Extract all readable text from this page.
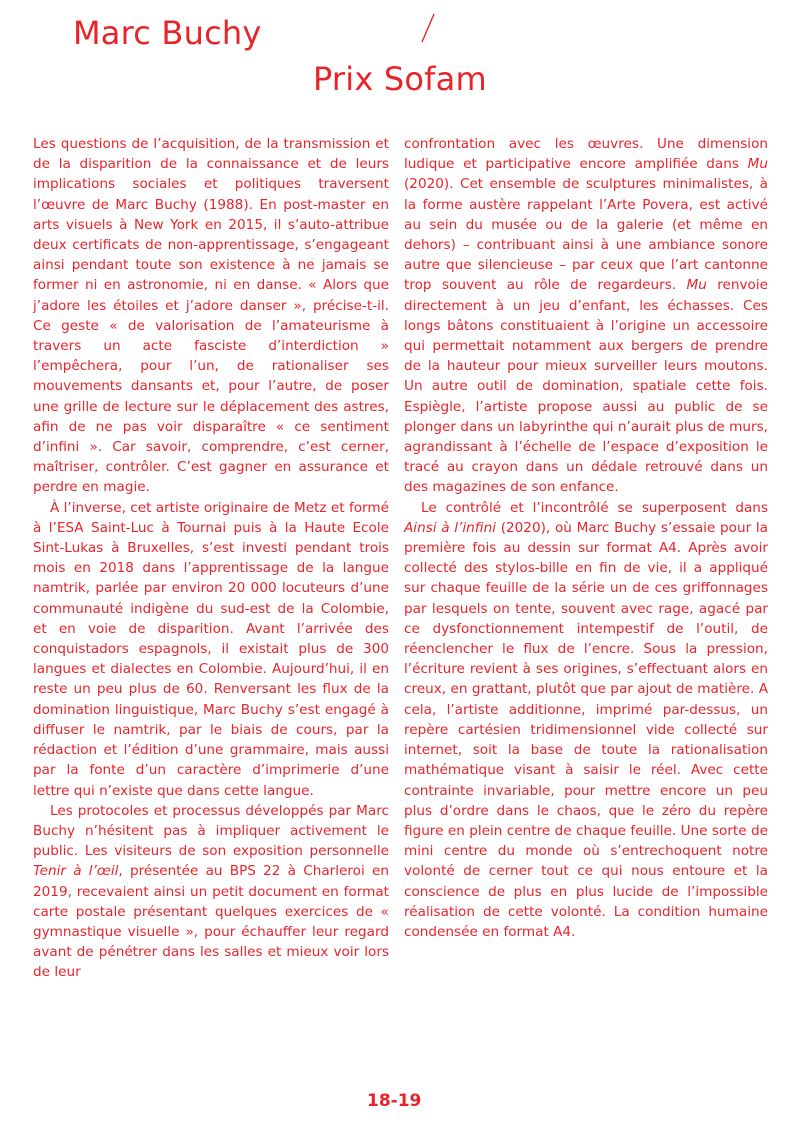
Marc Buchy
Prix Sofam

Les questions de l’acquisition, de la transmission et de la disparition de la connaissance et de leurs implications sociales et politiques traversent l’œuvre de Marc Buchy (1988). En post-master en arts visuels à New York en 2015, il s’auto-attribue deux certificats de non-apprentissage, s’engageant ainsi pendant toute son existence à ne jamais se former ni en astronomie, ni en danse. « Alors que j’adore les étoiles et j’adore danser », précise-t-il. Ce geste « de valorisation de l’amateurisme à travers un acte fasciste d’interdiction » l’empêchera, pour l’un, de rationaliser ses mouvements dansants et, pour l’autre, de poser une grille de lecture sur le déplacement des astres, afin de ne pas voir disparaître « ce sentiment d’infini ». Car savoir, comprendre, c’est cerner, maîtriser, contrôler. C’est gagner en assurance et perdre en magie.

À l’inverse, cet artiste originaire de Metz et formé à l’ESA Saint-Luc à Tournai puis à la Haute Ecole Sint-Lukas à Bruxelles, s’est investi pendant trois mois en 2018 dans l’apprentissage de la langue namtrik, parlée par environ 20 000 locuteurs d’une communauté indigène du sud-est de la Colombie, et en voie de disparition. Avant l’arrivée des conquistadors espagnols, il existait plus de 300 langues et dialectes en Colombie. Aujourd’hui, il en reste un peu plus de 60. Renversant les flux de la domination linguistique, Marc Buchy s’est engagé à diffuser le namtrik, par le biais de cours, par la rédaction et l’édition d’une grammaire, mais aussi par la fonte d’un caractère d’imprimerie d’une lettre qui n’existe que dans cette langue.

Les protocoles et processus développés par Marc Buchy n’hésitent pas à impliquer activement le public. Les visiteurs de son exposition personnelle Tenir à l’œil, présentée au BPS 22 à Charleroi en 2019, recevaient ainsi un petit document en format carte postale présentant quelques exercices de « gymnastique visuelle », pour échauffer leur regard avant de pénétrer dans les salles et mieux voir lors de leur

confrontation avec les œuvres. Une dimension ludique et participative encore amplifiée dans Mu (2020). Cet ensemble de sculptures minimalistes, à la forme austère rappelant l’Arte Povera, est activé au sein du musée ou de la galerie (et même en dehors) – contribuant ainsi à une ambiance sonore autre que silencieuse – par ceux que l’art cantonne trop souvent au rôle de regardeurs. Mu renvoie directement à un jeu d’enfant, les échasses. Ces longs bâtons constituaient à l’origine un accessoire qui permettait notamment aux bergers de prendre de la hauteur pour mieux surveiller leurs moutons. Un autre outil de domination, spatiale cette fois. Espiègle, l’artiste propose aussi au public de se plonger dans un labyrinthe qui n’aurait plus de murs, agrandissant à l’échelle de l’espace d’exposition le tracé au crayon dans un dédale retrouvé dans un des magazines de son enfance.

Le contrôlé et l’incontrôlé se superposent dans Ainsi à l’infini (2020), où Marc Buchy s’essaie pour la première fois au dessin sur format A4. Après avoir collecté des stylos-bille en fin de vie, il a appliqué sur chaque feuille de la série un de ces griffonnages par lesquels on tente, souvent avec rage, agacé par ce dysfonctionnement intempestif de l’outil, de réenclencher le flux de l’encre. Sous la pression, l’écriture revient à ses origines, s’effectuant alors en creux, en grattant, plutôt que par ajout de matière. A cela, l’artiste additionne, imprimé par-dessus, un repère cartésien tridimensionnel vide collecté sur internet, soit la base de toute la rationalisation mathématique visant à saisir le réel. Avec cette contrainte invariable, pour mettre encore un peu plus d’ordre dans le chaos, que le zéro du repère figure en plein centre de chaque feuille. Une sorte de mini centre du monde où s’entrechoquent notre volonté de cerner tout ce qui nous entoure et la conscience de plus en plus lucide de l’impossible réalisation de cette volonté. La condition humaine condensée en format A4.

18-19
